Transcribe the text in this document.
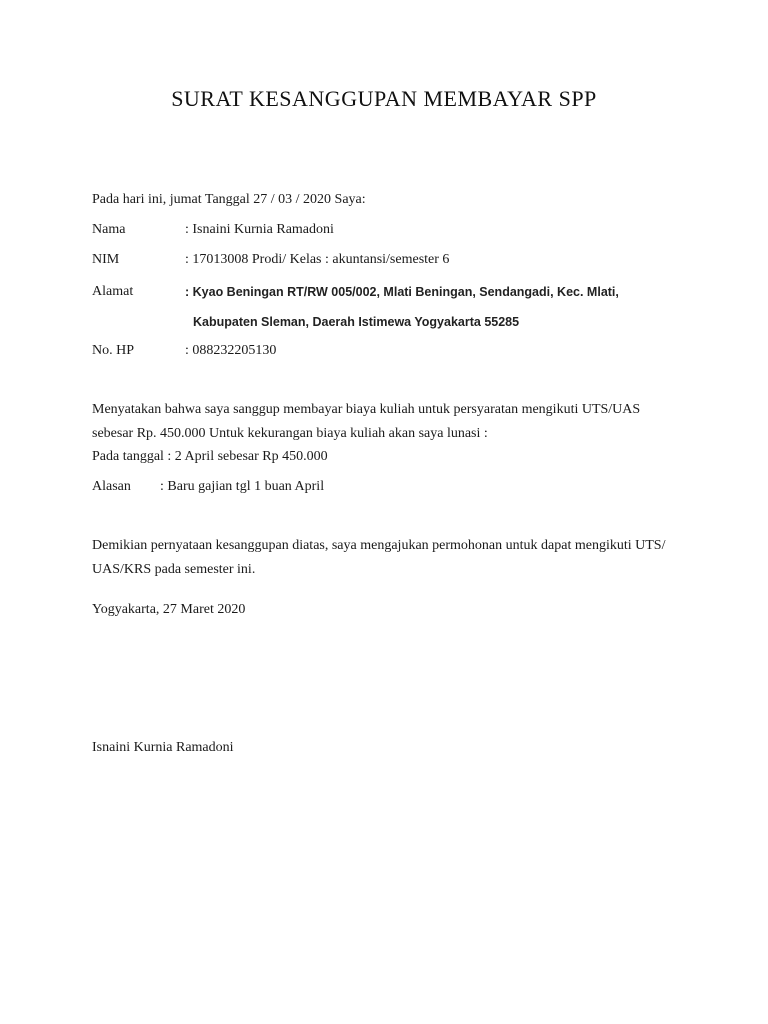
SURAT KESANGGUPAN MEMBAYAR SPP
Pada hari ini, jumat Tanggal 27 / 03 / 2020 Saya:
Nama	: Isnaini Kurnia Ramadoni
NIM	: 17013008 Prodi/ Kelas : akuntansi/semester 6
Alamat	: Kyao Beningan RT/RW 005/002, Mlati Beningan, Sendangadi, Kec. Mlati,
Kabupaten Sleman, Daerah Istimewa Yogyakarta 55285
No. HP	: 088232205130
Menyatakan bahwa saya sanggup membayar biaya kuliah untuk persyaratan mengikuti UTS/UAS
sebesar Rp. 450.000 Untuk kekurangan biaya kuliah akan saya lunasi :
Pada tanggal : 2 April sebesar Rp 450.000
Alasan : Baru gajian tgl 1 buan April
Demikian pernyataan kesanggupan diatas, saya mengajukan permohonan untuk dapat mengikuti UTS/
UAS/KRS pada semester ini.
Yogyakarta, 27 Maret 2020
Isnaini Kurnia Ramadoni
